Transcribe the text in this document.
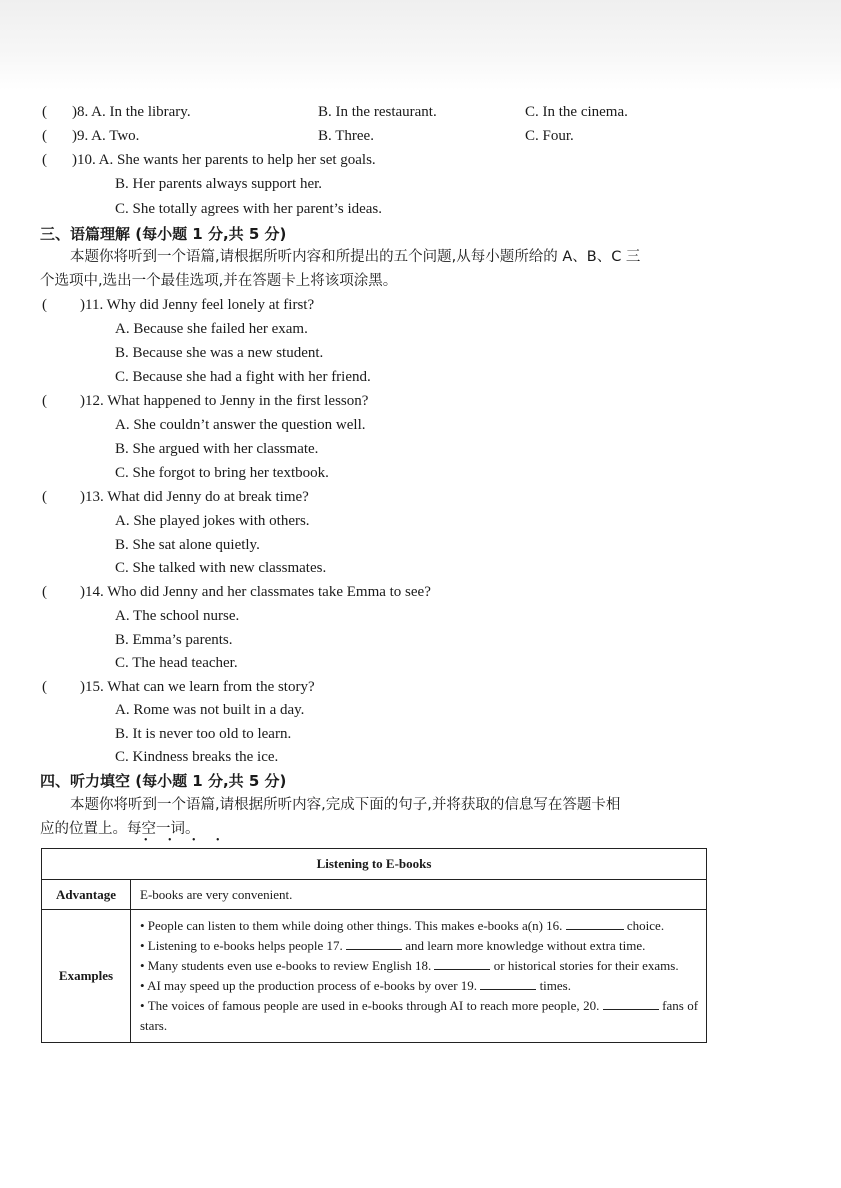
( )8. A. In the library.	B. In the restaurant.	C. In the cinema.
( )9. A. Two.	B. Three.	C. Four.
( )10. A. She wants her parents to help her set goals.
B. Her parents always support her.
C. She totally agrees with her parent’s ideas.
三、语篇理解 (每小题 1 分,共 5 分)
本题你将听到一个语篇,请根据所听内容和所提出的五个问题,从每小题所给的 A、B、C 三
个选项中,选出一个最佳选项,并在答题卡上将该项涂黑。
( )11. Why did Jenny feel lonely at first?
A. Because she failed her exam.
B. Because she was a new student.
C. Because she had a fight with her friend.
( )12. What happened to Jenny in the first lesson?
A. She couldn’t answer the question well.
B. She argued with her classmate.
C. She forgot to bring her textbook.
( )13. What did Jenny do at break time?
A. She played jokes with others.
B. She sat alone quietly.
C. She talked with new classmates.
( )14. Who did Jenny and her classmates take Emma to see?
A. The school nurse.
B. Emma’s parents.
C. The head teacher.
( )15. What can we learn from the story?
A. Rome was not built in a day.
B. It is never too old to learn.
C. Kindness breaks the ice.
四、听力填空 (每小题 1 分,共 5 分)
本题你将听到一个语篇,请根据所听内容,完成下面的句子,并将获取的信息写在答题卡相
应的位置上。每空一词。
• • • •
Listening to E-books	
Advantage	E-books are very convenient.
Examples	• People can listen to them while doing other things. This makes e-books a(n) 16. choice.

• Listening to e-books helps people 17. and learn more knowledge without extra time.

• Many students even use e-books to review English 18. or historical stories for their exams.

• AI may speed up the production process of e-books by over 19. times.

• The voices of famous people are used in e-books through AI to reach more people, 20. fans of stars.
